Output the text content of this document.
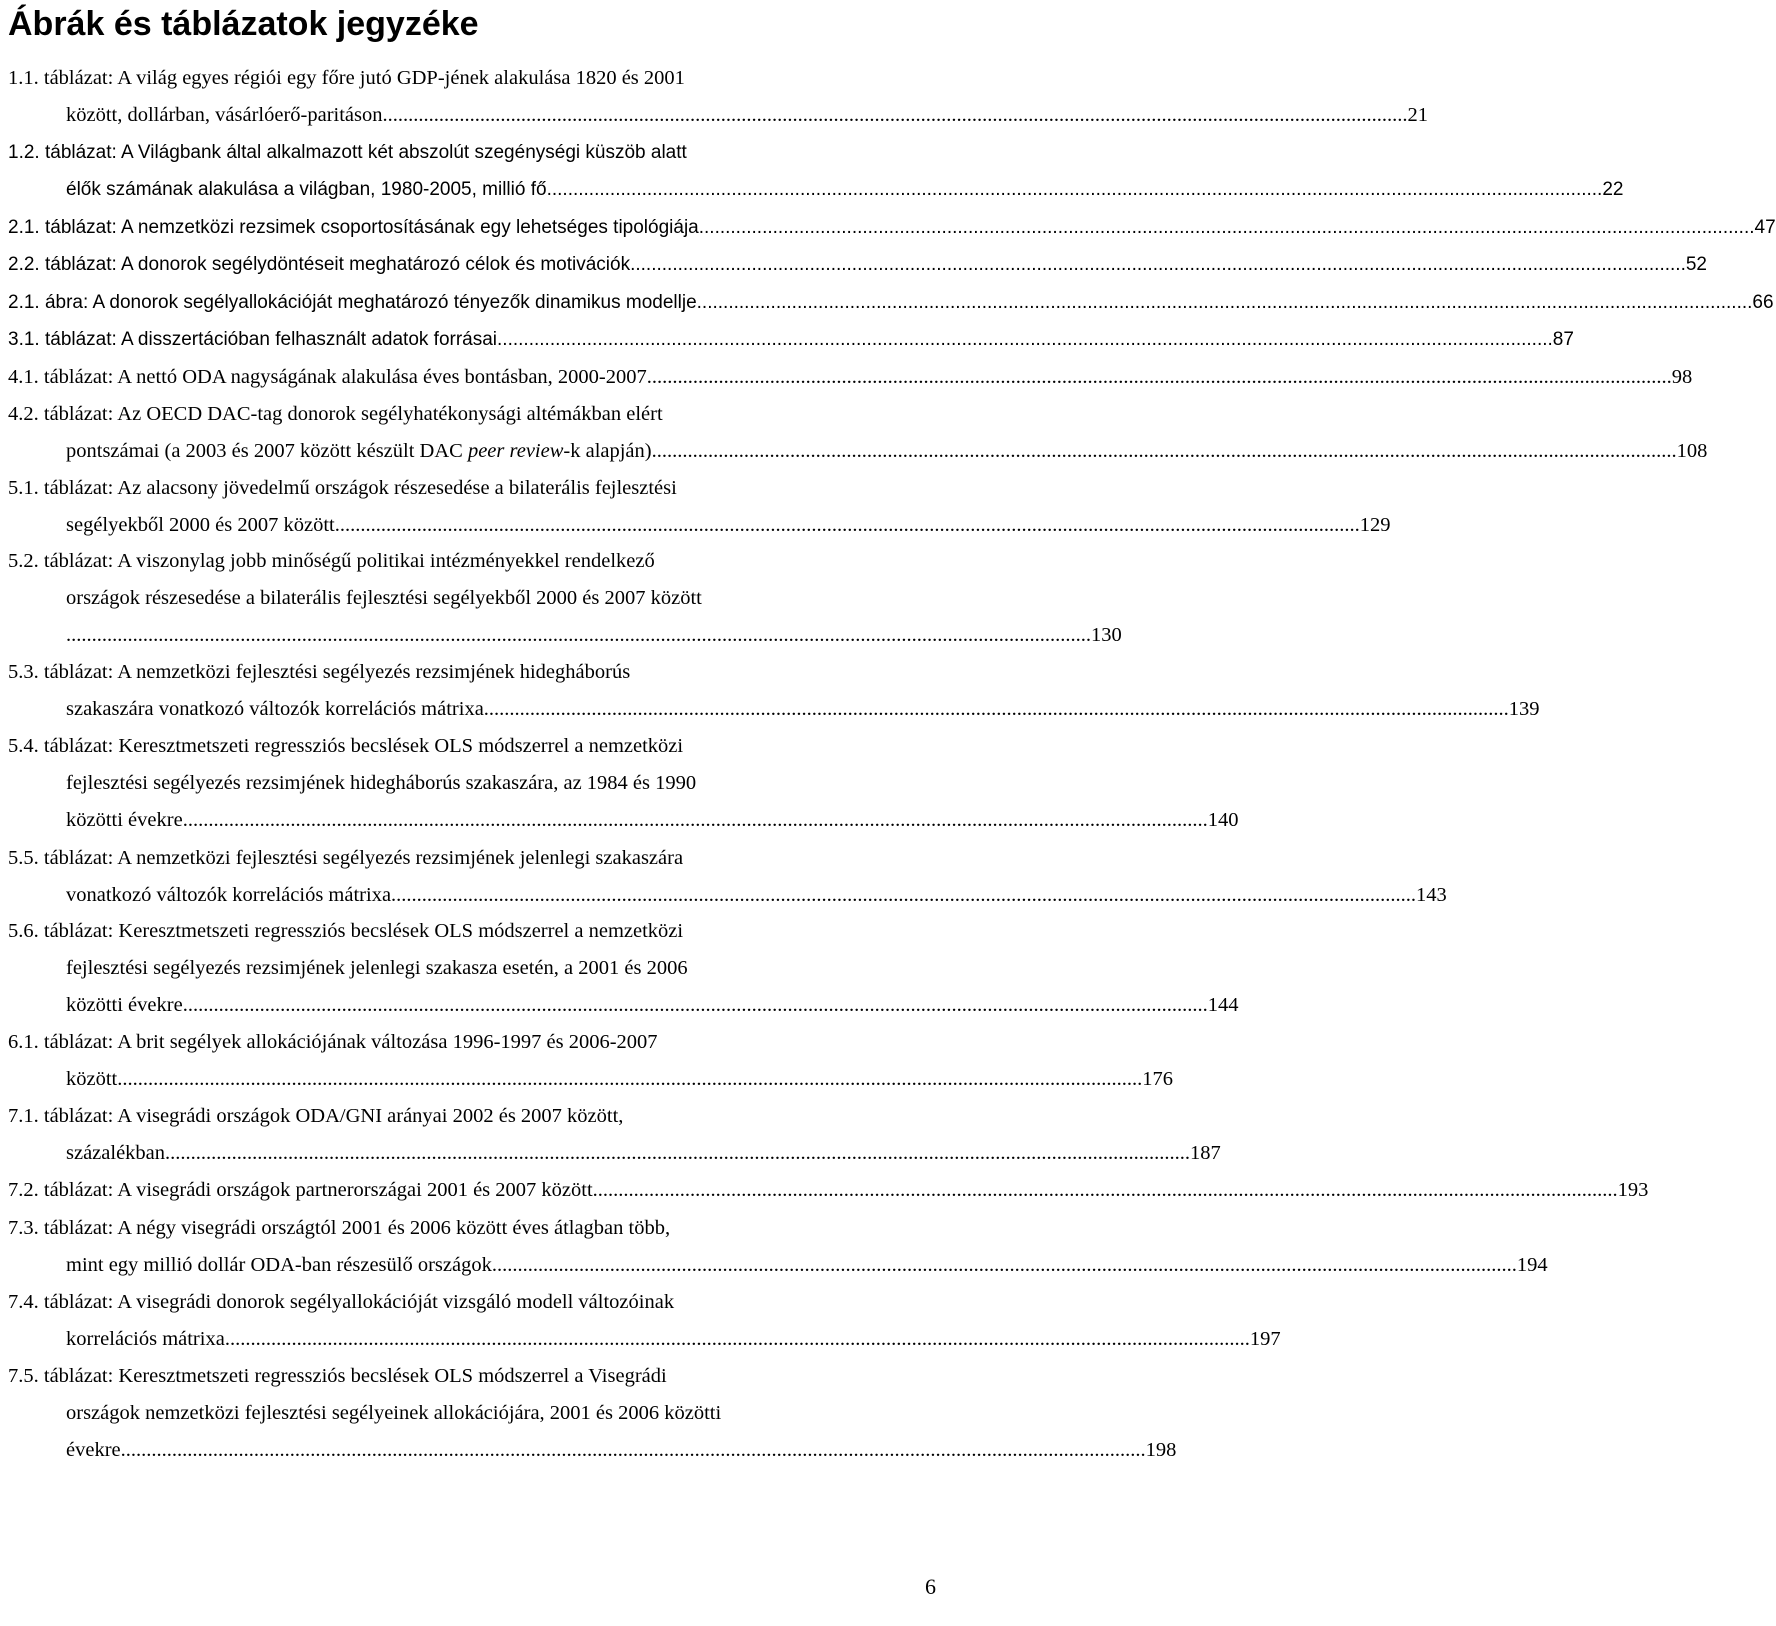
Ábrák és táblázatok jegyzéke
1.1. táblázat: A világ egyes régiói egy főre jutó GDP-jének alakulása 1820 és 2001
között, dollárban, vásárlóerő-paritáson ........................................................................................................................................................................................................ 21
1.2. táblázat: A Világbank által alkalmazott két abszolút szegénységi küszöb alatt
élők számának alakulása a világban, 1980-2005, millió fő ........................................................................................................................................................................................................ 22
2.1. táblázat: A nemzetközi rezsimek csoportosításának egy lehetséges tipológiája ........................................................................................................................................................................................................ 47
2.2. táblázat: A donorok segélydöntéseit meghatározó célok és motivációk ........................................................................................................................................................................................................ 52
2.1. ábra: A donorok segélyallokációját meghatározó tényezők dinamikus modellje ........................................................................................................................................................................................................ 66
3.1. táblázat: A disszertációban felhasznált adatok forrásai ........................................................................................................................................................................................................ 87
4.1. táblázat: A nettó ODA nagyságának alakulása éves bontásban, 2000-2007 ........................................................................................................................................................................................................ 98
4.2. táblázat: Az OECD DAC-tag donorok segélyhatékonysági altémákban elért
pontszámai (a 2003 és 2007 között készült DAC peer review-k alapján) ........................................................................................................................................................................................................ 108
5.1. táblázat: Az alacsony jövedelmű országok részesedése a bilaterális fejlesztési
segélyekből 2000 és 2007 között ........................................................................................................................................................................................................ 129
5.2. táblázat: A viszonylag jobb minőségű politikai intézményekkel rendelkező
országok részesedése a bilaterális fejlesztési segélyekből 2000 és 2007 között
........................................................................................................................................................................................................ 130
5.3. táblázat: A nemzetközi fejlesztési segélyezés rezsimjének hidegháborús
szakaszára vonatkozó változók korrelációs mátrixa ........................................................................................................................................................................................................ 139
5.4. táblázat: Keresztmetszeti regressziós becslések OLS módszerrel a nemzetközi
fejlesztési segélyezés rezsimjének hidegháborús szakaszára, az 1984 és 1990
közötti évekre ........................................................................................................................................................................................................ 140
5.5. táblázat: A nemzetközi fejlesztési segélyezés rezsimjének jelenlegi szakaszára
vonatkozó változók korrelációs mátrixa ........................................................................................................................................................................................................ 143
5.6. táblázat: Keresztmetszeti regressziós becslések OLS módszerrel a nemzetközi
fejlesztési segélyezés rezsimjének jelenlegi szakasza esetén, a 2001 és 2006
közötti évekre ........................................................................................................................................................................................................ 144
6.1. táblázat: A brit segélyek allokációjának változása 1996-1997 és 2006-2007
között ........................................................................................................................................................................................................ 176
7.1. táblázat: A visegrádi országok ODA/GNI arányai 2002 és 2007 között,
százalékban ........................................................................................................................................................................................................ 187
7.2. táblázat: A visegrádi országok partnerországai 2001 és 2007 között ........................................................................................................................................................................................................ 193
7.3. táblázat: A négy visegrádi országtól 2001 és 2006 között éves átlagban több,
mint egy millió dollár ODA-ban részesülő országok ........................................................................................................................................................................................................ 194
7.4. táblázat: A visegrádi donorok segélyallokációját vizsgáló modell változóinak
korrelációs mátrixa ........................................................................................................................................................................................................ 197
7.5. táblázat: Keresztmetszeti regressziós becslések OLS módszerrel a Visegrádi
országok nemzetközi fejlesztési segélyeinek allokációjára, 2001 és 2006 közötti
évekre ........................................................................................................................................................................................................ 198
6
